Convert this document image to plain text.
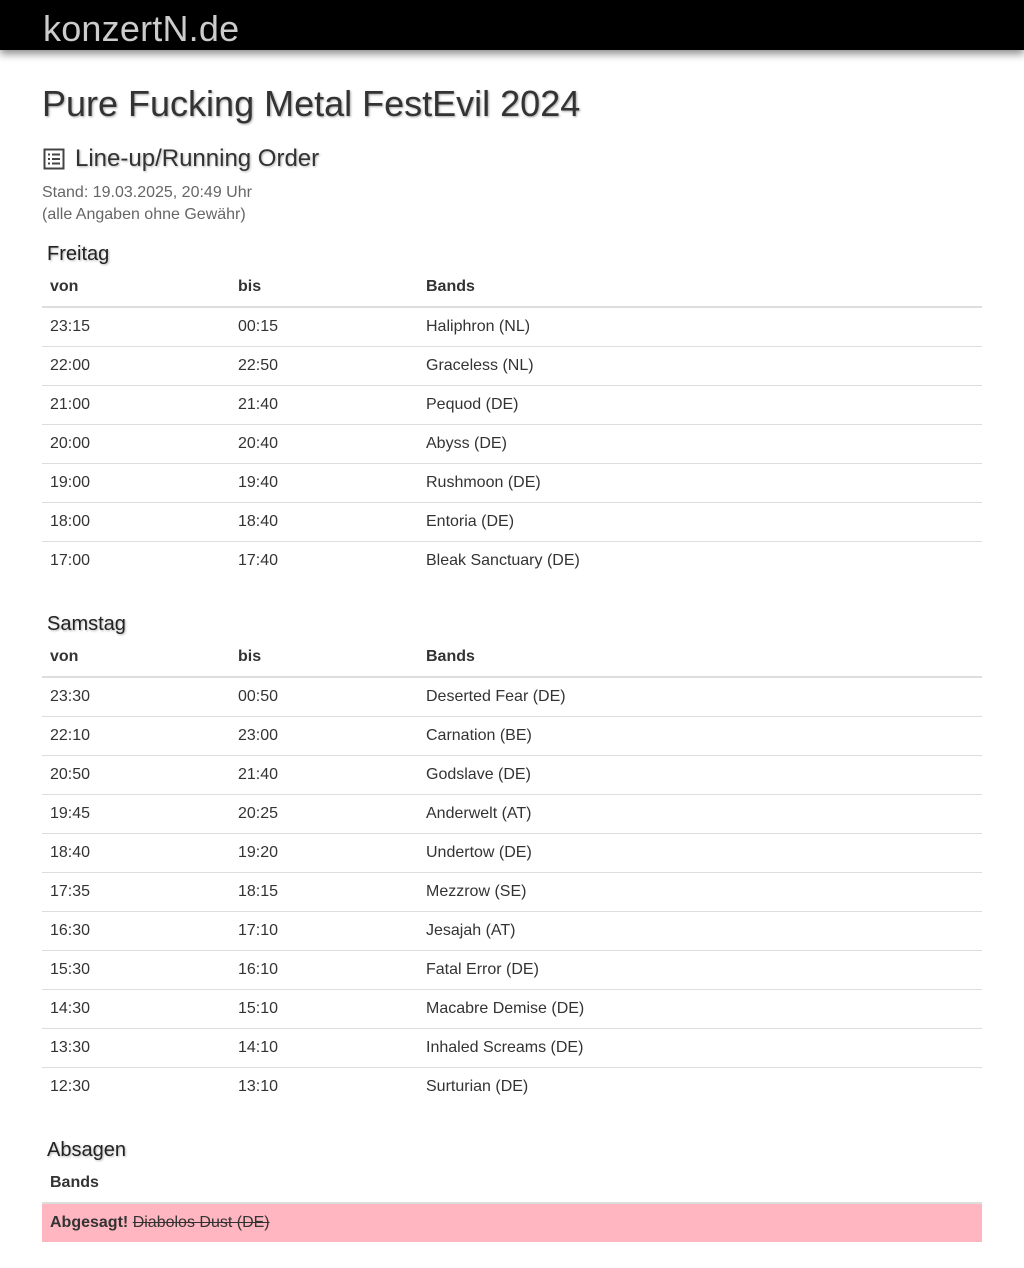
konzertN.de
Pure Fucking Metal FestEvil 2024
Line-up/Running Order
Stand: 19.03.2025, 20:49 Uhr
(alle Angaben ohne Gewähr)
Freitag
von	bis	Bands
23:15	00:15	Haliphron (NL)
22:00	22:50	Graceless (NL)
21:00	21:40	Pequod (DE)
20:00	20:40	Abyss (DE)
19:00	19:40	Rushmoon (DE)
18:00	18:40	Entoria (DE)
17:00	17:40	Bleak Sanctuary (DE)
Samstag
von	bis	Bands
23:30	00:50	Deserted Fear (DE)
22:10	23:00	Carnation (BE)
20:50	21:40	Godslave (DE)
19:45	20:25	Anderwelt (AT)
18:40	19:20	Undertow (DE)
17:35	18:15	Mezzrow (SE)
16:30	17:10	Jesajah (AT)
15:30	16:10	Fatal Error (DE)
14:30	15:10	Macabre Demise (DE)
13:30	14:10	Inhaled Screams (DE)
12:30	13:10	Surturian (DE)
Absagen
Bands
Abgesagt! Diabolos Dust (DE)
